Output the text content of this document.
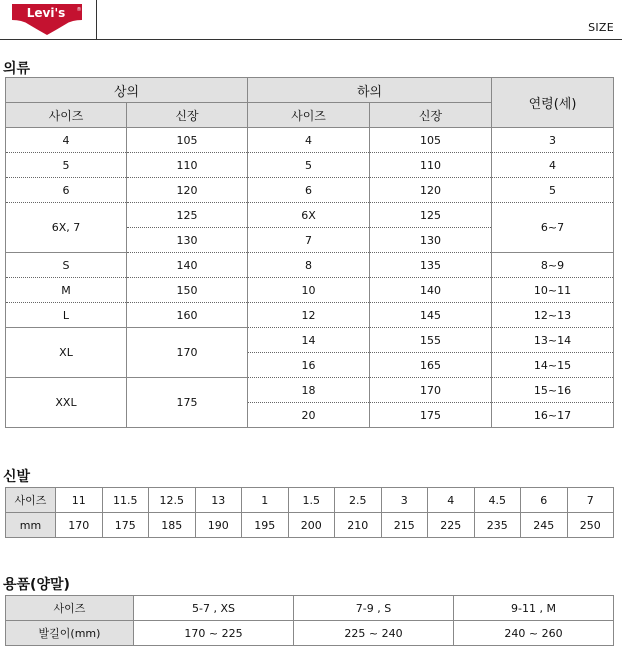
Levi's ®
SIZE
의류
상의		하의		연령(세)
사이즈	신장	사이즈	신장	
4	105	4	105	3
5	110	5	110	4
6	120	6	120	5
6X, 7	125	6X	125	6~7
	130	7	130	
S	140	8	135	8~9
M	150	10	140	10~11
L	160	12	145	12~13
XL	170	14	155	13~14
		16	165	14~15
XXL	175	18	170	15~16
		20	175	16~17
신발
사이즈	11	11.5	12.5	13	1	1.5	2.5	3	4	4.5	6	7
mm	170	175	185	190	195	200	210	215	225	235	245	250
용품(양말)
사이즈	5-7 , XS	7-9 , S	9-11 , M
발길이(mm)	170 ~ 225	225 ~ 240	240 ~ 260
